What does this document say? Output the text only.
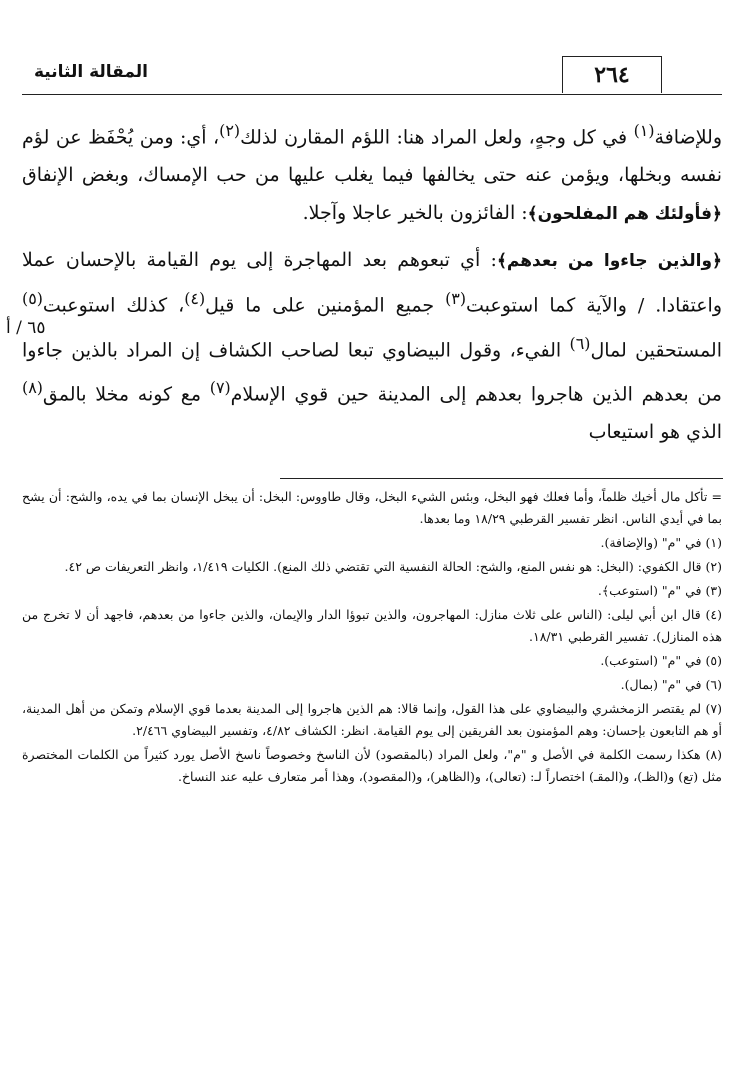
٢٦٤
المقالة الثانية
٦٥ / أ

وللإضافة$^{(١)}$ في كل وجهٍ، ولعل المراد هنا: اللؤم المقارن لذلك$^{(٢)}$، أي: ومن يُحْفَظ عن لؤم نفسه وبخلها، ويؤمن عنه حتى يخالفها فيما يغلب عليها من حب الإمساك، وبغض الإنفاق ﴿فأولئك هم المفلحون﴾: الفائزون بالخير عاجلا وآجلا.

﴿والذين جاءوا من بعدهم﴾: أي تبعوهم بعد المهاجرة إلى يوم القيامة بالإحسان عملا واعتقادا. / والآية كما استوعبت$^{(٣)}$ جميع المؤمنين على ما قيل$^{(٤)}$، كذلك استوعبت$^{(٥)}$ المستحقين لمال$^{(٦)}$ الفيء، وقول البيضاوي تبعا لصاحب الكشاف إن المراد بالذين جاءوا من بعدهم الذين هاجروا بعدهم إلى المدينة حين قوي الإسلام$^{(٧)}$ مع كونه مخلا بالمق$^{(٨)}$ الذي هو استيعاب

= تأكل مال أخيك ظلماً، وأما فعلك فهو البخل، وبئس الشيء البخل، وقال طاووس: البخل: أن يبخل الإنسان بما في يده، والشح: أن يشح بما في أيدي الناس. انظر تفسير القرطبي ١٨/٢٩ وما بعدها.

(١) في "م" (والإضافة).

(٢) قال الكفوي: (البخل: هو نفس المنع، والشح: الحالة النفسية التي تقتضي ذلك المنع). الكليات ١/٤١٩، وانظر التعريفات ص ٤٢.

(٣) في "م" (استوعب﴾.

(٤) قال ابن أبي ليلى: (الناس على ثلاث منازل: المهاجرون، والذين تبوؤا الدار والإيمان، والذين جاءوا من بعدهم، فاجهد أن لا تخرج من هذه المنازل). تفسير القرطبي ١٨/٣١.

(٥) في "م" (استوعب).

(٦) في "م" (بمال).

(٧) لم يقتصر الزمخشري والبيضاوي على هذا القول، وإنما قالا: هم الذين هاجروا إلى المدينة بعدما قوي الإسلام وتمكن من أهل المدينة، أو هم التابعون بإحسان: وهم المؤمنون بعد الفريقين إلى يوم القيامة. انظر: الكشاف ٤/٨٢، وتفسير البيضاوي ٢/٤٦٦.

(٨) هكذا رسمت الكلمة في الأصل و "م"، ولعل المراد (بالمقصود) لأن الناسخ وخصوصاً ناسخ الأصل يورد كثيراً من الكلمات المختصرة مثل (تع) و(الظـ)، و(المقـ) اختصاراً لـ: (تعالى)، و(الظاهر)، و(المقصود)، وهذا أمر متعارف عليه عند النساخ.
